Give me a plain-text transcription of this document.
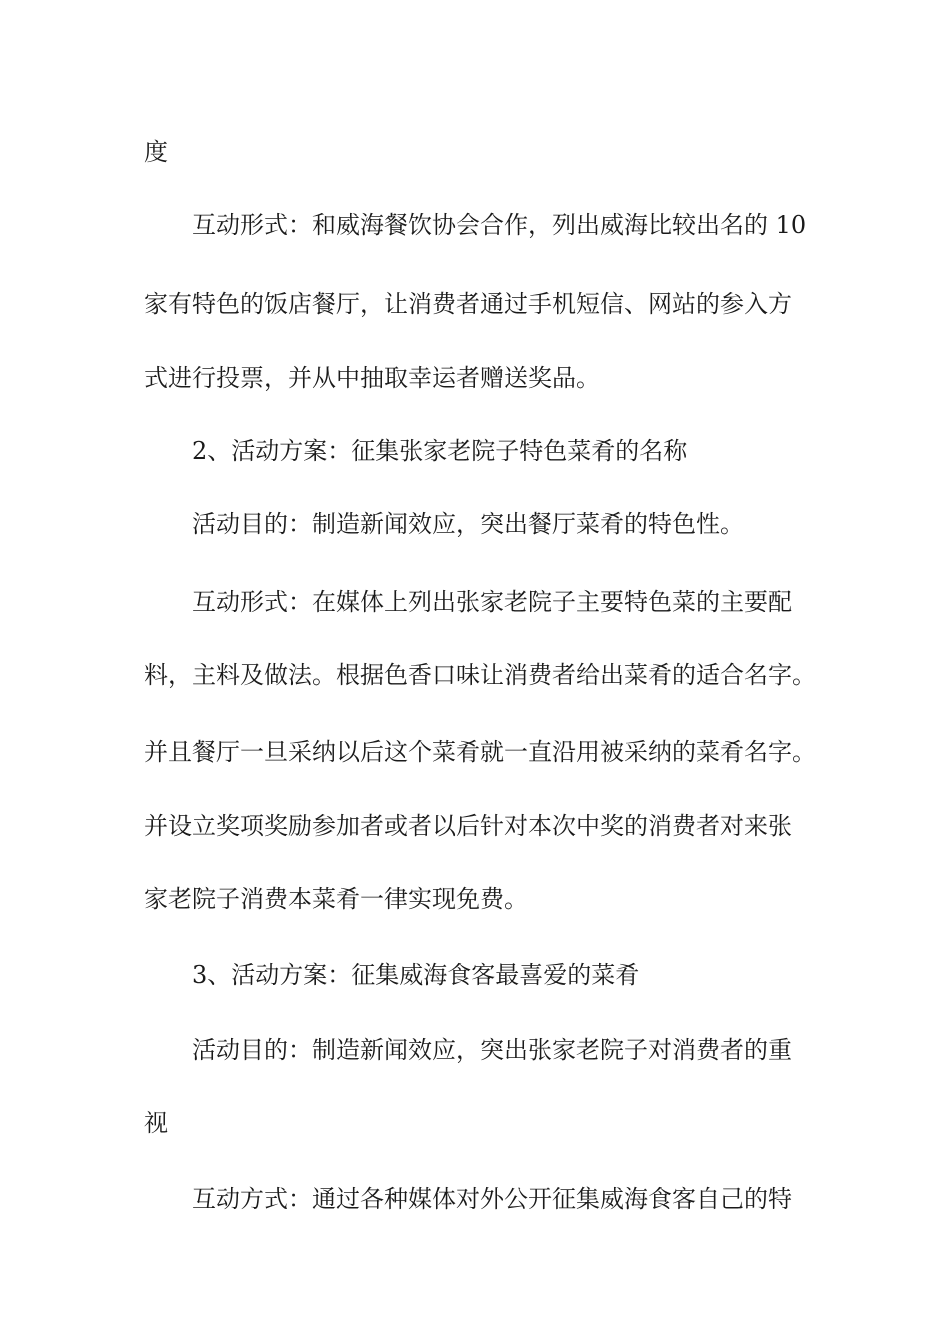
度

互动形式：和威海餐饮协会合作，列出威海比较出名的 10

家有特色的饭店餐厅，让消费者通过手机短信、网站的参入方

式进行投票，并从中抽取幸运者赠送奖品。

2、活动方案：征集张家老院子特色菜肴的名称

活动目的：制造新闻效应，突出餐厅菜肴的特色性。

互动形式：在媒体上列出张家老院子主要特色菜的主要配

料，主料及做法。根据色香口味让消费者给出菜肴的适合名字。

并且餐厅一旦采纳以后这个菜肴就一直沿用被采纳的菜肴名字。

并设立奖项奖励参加者或者以后针对本次中奖的消费者对来张

家老院子消费本菜肴一律实现免费。

3、活动方案：征集威海食客最喜爱的菜肴

活动目的：制造新闻效应，突出张家老院子对消费者的重

视

互动方式：通过各种媒体对外公开征集威海食客自己的特
